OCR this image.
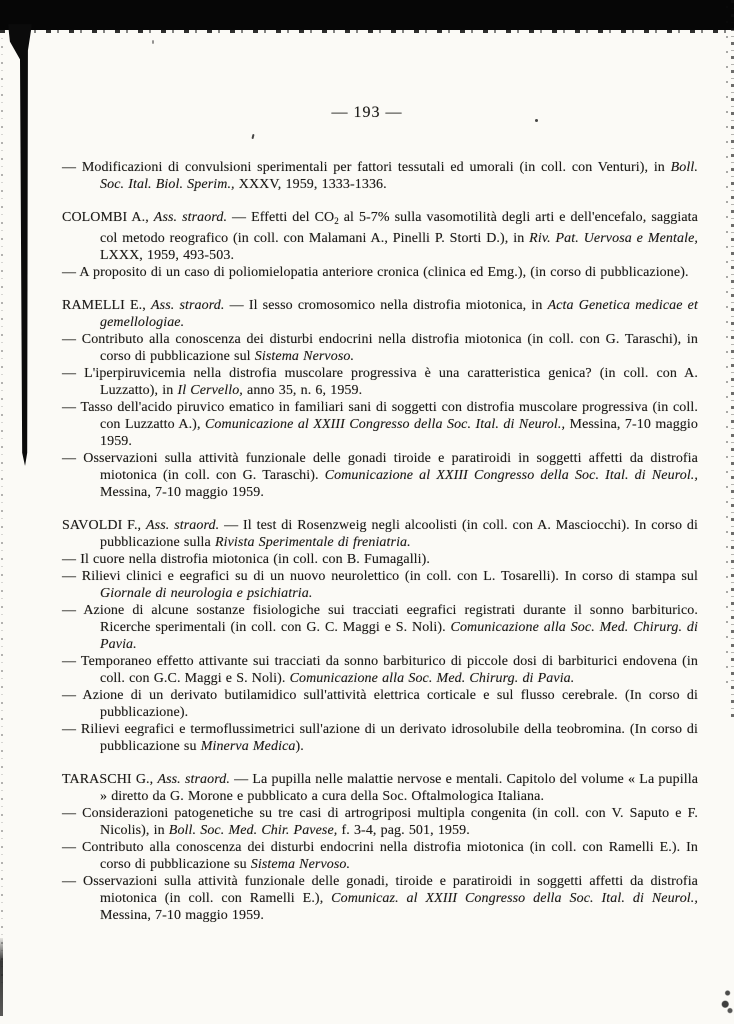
— 193 —

— Modificazioni di convulsioni sperimentali per fattori tessutali ed umorali (in coll. con Venturi), in Boll. Soc. Ital. Biol. Sperim., XXXV, 1959, 1333-1336.

COLOMBI A., Ass. straord. — Effetti del $CO_2$ al 5-7% sulla vasomotilità degli arti e dell'encefalo, saggiata col metodo reografico (in coll. con Malamani A., Pinelli P. Storti D.), in Riv. Pat. Uervosa e Mentale, LXXX, 1959, 493-503.

— A proposito di un caso di poliomielopatia anteriore cronica (clinica ed Emg.), (in corso di pubblicazione).

RAMELLI E., Ass. straord. — Il sesso cromosomico nella distrofia miotonica, in Acta Genetica medicae et gemellologiae.

— Contributo alla conoscenza dei disturbi endocrini nella distrofia miotonica (in coll. con G. Taraschi), in corso di pubblicazione sul Sistema Nervoso.

— L'iperpiruvicemia nella distrofia muscolare progressiva è una caratteristica genica? (in coll. con A. Luzzatto), in Il Cervello, anno 35, n. 6, 1959.

— Tasso dell'acido piruvico ematico in familiari sani di soggetti con distrofia muscolare progressiva (in coll. con Luzzatto A.), Comunicazione al XXIII Congresso della Soc. Ital. di Neurol., Messina, 7-10 maggio 1959.

— Osservazioni sulla attività funzionale delle gonadi tiroide e paratiroidi in soggetti affetti da distrofia miotonica (in coll. con G. Taraschi). Comunicazione al XXIII Congresso della Soc. Ital. di Neurol., Messina, 7-10 maggio 1959.

SAVOLDI F., Ass. straord. — Il test di Rosenzweig negli alcoolisti (in coll. con A. Masciocchi). In corso di pubblicazione sulla Rivista Sperimentale di freniatria.

— Il cuore nella distrofia miotonica (in coll. con B. Fumagalli).

— Rilievi clinici e eegrafici su di un nuovo neurolettico (in coll. con L. Tosarelli). In corso di stampa sul Giornale di neurologia e psichiatria.

— Azione di alcune sostanze fisiologiche sui tracciati eegrafici registrati durante il sonno barbiturico. Ricerche sperimentali (in coll. con G. C. Maggi e S. Noli). Comunicazione alla Soc. Med. Chirurg. di Pavia.

— Temporaneo effetto attivante sui tracciati da sonno barbiturico di piccole dosi di barbiturici endovena (in coll. con G.C. Maggi e S. Noli). Comunicazione alla Soc. Med. Chirurg. di Pavia.

— Azione di un derivato butilamidico sull'attività elettrica corticale e sul flusso cerebrale. (In corso di pubblicazione).

— Rilievi eegrafici e termoflussimetrici sull'azione di un derivato idrosolubile della teobromina. (In corso di pubblicazione su Minerva Medica).

TARASCHI G., Ass. straord. — La pupilla nelle malattie nervose e mentali. Capitolo del volume « La pupilla » diretto da G. Morone e pubblicato a cura della Soc. Oftalmologica Italiana.

— Considerazioni patogenetiche su tre casi di artrogriposi multipla congenita (in coll. con V. Saputo e F. Nicolis), in Boll. Soc. Med. Chir. Pavese, f. 3-4, pag. 501, 1959.

— Contributo alla conoscenza dei disturbi endocrini nella distrofia miotonica (in coll. con Ramelli E.). In corso di pubblicazione su Sistema Nervoso.

— Osservazioni sulla attività funzionale delle gonadi, tiroide e paratiroidi in soggetti affetti da distrofia miotonica (in coll. con Ramelli E.), Comunicaz. al XXIII Congresso della Soc. Ital. di Neurol., Messina, 7-10 maggio 1959.
